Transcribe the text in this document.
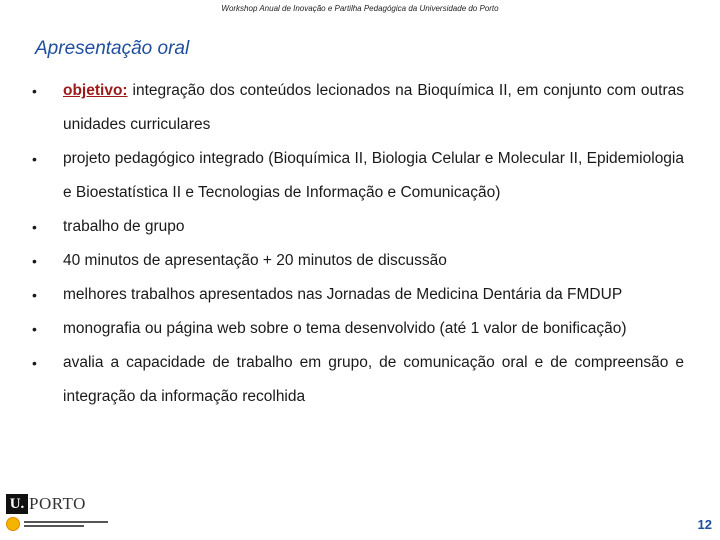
Workshop Anual de Inovação e Partilha Pedagógica da Universidade do Porto
Apresentação oral
• objetivo: integração dos conteúdos lecionados na Bioquímica II, em conjunto com outras unidades curriculares
• projeto pedagógico integrado (Bioquímica II, Biologia Celular e Molecular II, Epidemiologia e Bioestatística II e Tecnologias de Informação e Comunicação)
• trabalho de grupo
• 40 minutos de apresentação + 20 minutos de discussão
• melhores trabalhos apresentados nas Jornadas de Medicina Dentária da FMDUP
• monografia ou página web sobre o tema desenvolvido (até 1 valor de bonificação)
• avalia a capacidade de trabalho em grupo, de comunicação oral e de compreensão e integração da informação recolhida
U. PORTO
12
